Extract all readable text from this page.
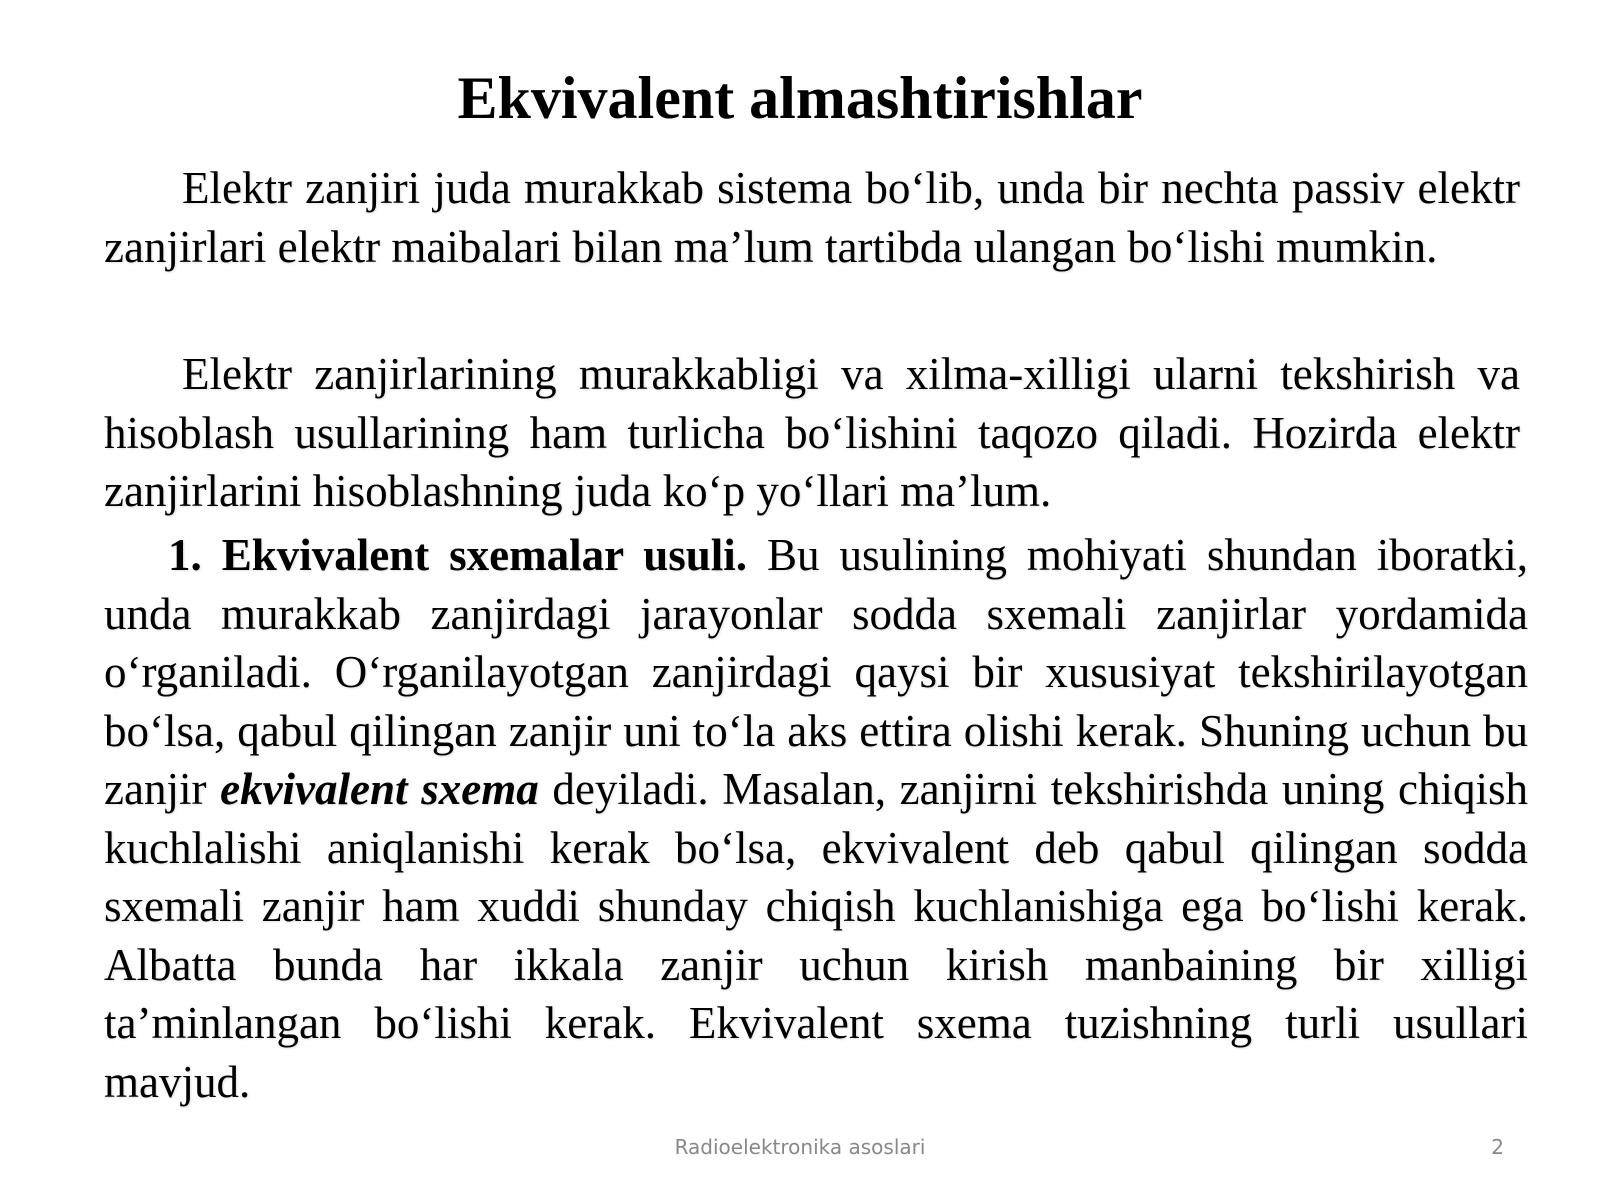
Ekvivalent almashtirishlar

Elektr zanjiri juda murakkab sistema bo‘lib, unda bir nechta passiv elektr zanjirlari elektr maibalari bilan ma’lum tartibda ulangan bo‘lishi mumkin.

Elektr zanjirlarining murakkabligi va xilma-xilligi ularni tekshirish va hisoblash usullarining ham turlicha bo‘lishini taqozo qiladi. Hozirda elektr zanjirlarini hisoblashning juda ko‘p yo‘llari ma’lum.

1. Ekvivalent sxemalar usuli. Bu usulining mohiyati shundan iboratki, unda murakkab zanjirdagi jarayonlar sodda sxemali zanjirlar yordamida o‘rganiladi. O‘rganilayotgan zanjirdagi qaysi bir xususiyat tekshirilayotgan bo‘lsa, qabul qilingan zanjir uni to‘la aks ettira olishi kerak. Shuning uchun bu zanjir ekvivalent sxema deyiladi. Masalan, zanjirni tekshirishda uning chiqish kuchlalishi aniqlanishi kerak bo‘lsa, ekvivalent deb qabul qilingan sodda sxemali zanjir ham xuddi shunday chiqish kuchlanishiga ega bo‘lishi kerak. Albatta bunda har ikkala zanjir uchun kirish manbaining bir xilligi ta’minlangan bo‘lishi kerak. Ekvivalent sxema tuzishning turli usullari mavjud.

Radioelektronika asoslari	2
